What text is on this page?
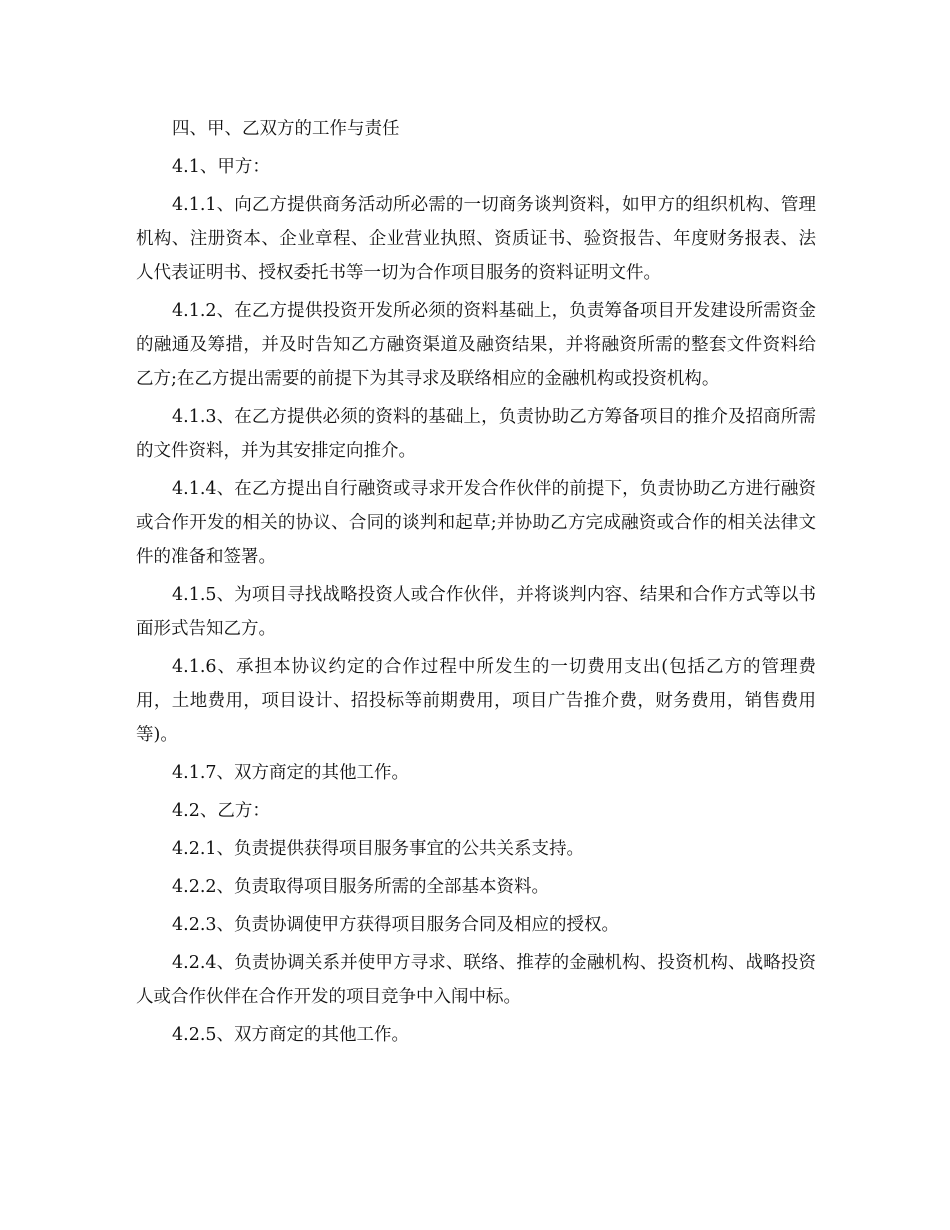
四、甲、乙双方的工作与责任

4.1、甲方：

4.1.1、向乙方提供商务活动所必需的一切商务谈判资料，如甲方的组织机构、管理机构、注册资本、企业章程、企业营业执照、资质证书、验资报告、年度财务报表、法人代表证明书、授权委托书等一切为合作项目服务的资料证明文件。

4.1.2、在乙方提供投资开发所必须的资料基础上，负责筹备项目开发建设所需资金的融通及筹措，并及时告知乙方融资渠道及融资结果，并将融资所需的整套文件资料给乙方;在乙方提出需要的前提下为其寻求及联络相应的金融机构或投资机构。

4.1.3、在乙方提供必须的资料的基础上，负责协助乙方筹备项目的推介及招商所需的文件资料，并为其安排定向推介。

4.1.4、在乙方提出自行融资或寻求开发合作伙伴的前提下，负责协助乙方进行融资或合作开发的相关的协议、合同的谈判和起草;并协助乙方完成融资或合作的相关法律文件的准备和签署。

4.1.5、为项目寻找战略投资人或合作伙伴，并将谈判内容、结果和合作方式等以书面形式告知乙方。

4.1.6、承担本协议约定的合作过程中所发生的一切费用支出(包括乙方的管理费用，土地费用，项目设计、招投标等前期费用，项目广告推介费，财务费用，销售费用等)。

4.1.7、双方商定的其他工作。

4.2、乙方：

4.2.1、负责提供获得项目服务事宜的公共关系支持。

4.2.2、负责取得项目服务所需的全部基本资料。

4.2.3、负责协调使甲方获得项目服务合同及相应的授权。

4.2.4、负责协调关系并使甲方寻求、联络、推荐的金融机构、投资机构、战略投资人或合作伙伴在合作开发的项目竞争中入闱中标。

4.2.5、双方商定的其他工作。
